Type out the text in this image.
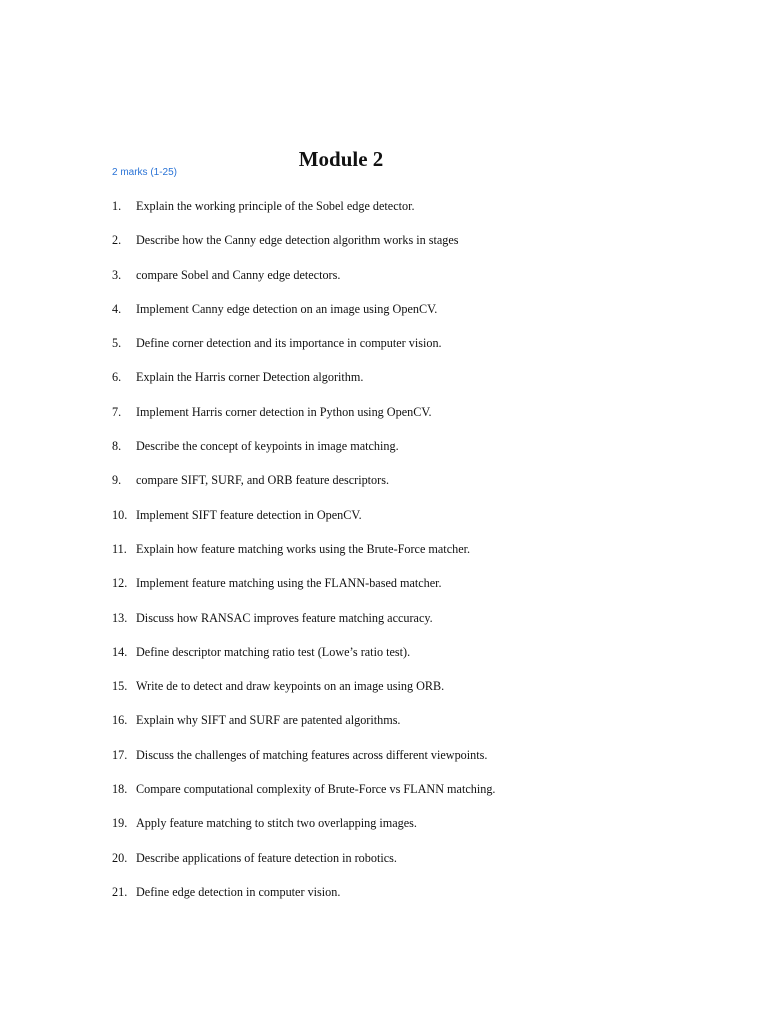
Module 2
2 marks (1-25)
1.	Explain the working principle of the Sobel edge detector.
2.	Describe how the Canny edge detection algorithm works in stages
3.	compare Sobel and Canny edge detectors.
4.	Implement Canny edge detection on an image using OpenCV.
5.	Define corner detection and its importance in computer vision.
6.	Explain the Harris corner Detection algorithm.
7.	Implement Harris corner detection in Python using OpenCV.
8.	Describe the concept of keypoints in image matching.
9.	compare SIFT, SURF, and ORB feature descriptors.
10. Implement SIFT feature detection in OpenCV.
11. Explain how feature matching works using the Brute-Force matcher.
12. Implement feature matching using the FLANN-based matcher.
13. Discuss how RANSAC improves feature matching accuracy.
14. Define descriptor matching ratio test (Lowe’s ratio test).
15. Write de to detect and draw keypoints on an image using ORB.
16. Explain why SIFT and SURF are patented algorithms.
17. Discuss the challenges of matching features across different viewpoints.
18. Compare computational complexity of Brute-Force vs FLANN matching.
19. Apply feature matching to stitch two overlapping images.
20. Describe applications of feature detection in robotics.
21. Define edge detection in computer vision.
